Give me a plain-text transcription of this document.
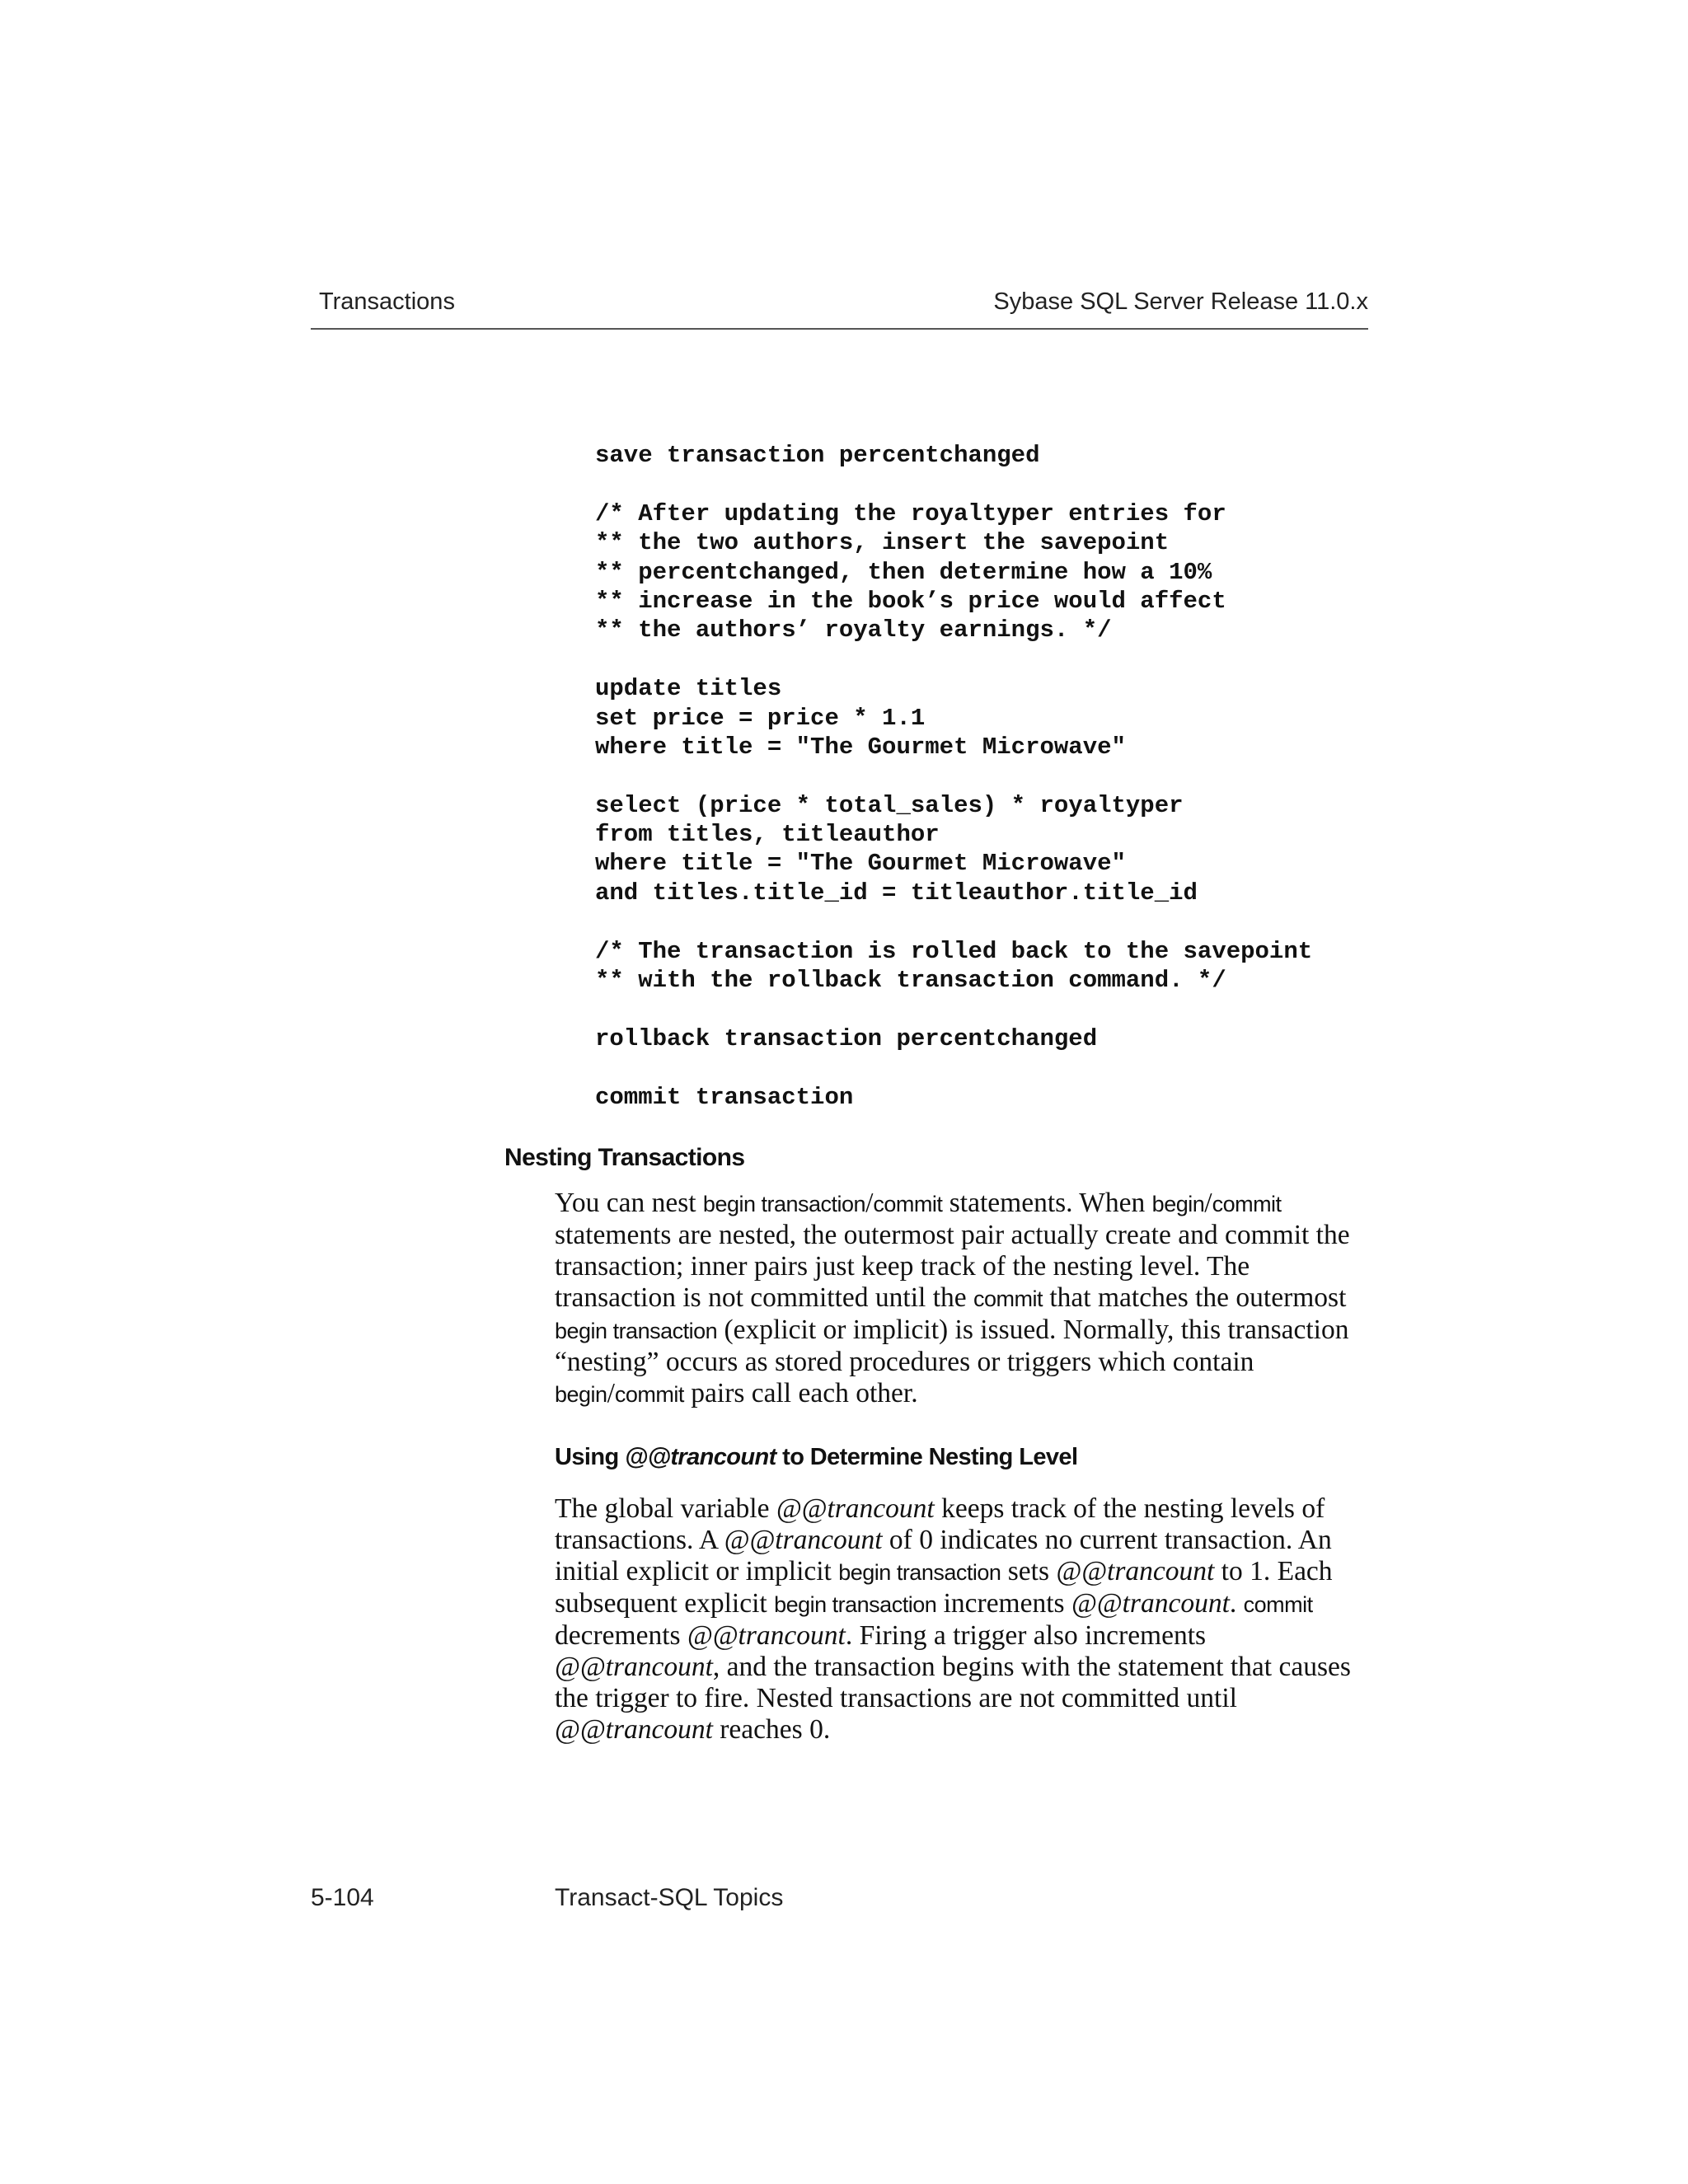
Transactions	Sybase SQL Server Release 11.0.x
save transaction percentchanged
/* After updating the royaltyper entries for
** the two authors, insert the savepoint
** percentchanged, then determine how a 10%
** increase in the book’s price would affect
** the authors’ royalty earnings. */
update titles
set price = price * 1.1
where title = "The Gourmet Microwave"
select (price * total_sales) * royaltyper
from titles, titleauthor
where title = "The Gourmet Microwave"
and titles.title_id = titleauthor.title_id
/* The transaction is rolled back to the savepoint
** with the rollback transaction command. */
rollback transaction percentchanged
commit transaction
Nesting Transactions

You can nest begin transaction/commit statements. When begin/commit statements are nested, the outermost pair actually create and commit the transaction; inner pairs just keep track of the nesting level. The transaction is not committed until the commit that matches the outermost begin transaction (explicit or implicit) is issued. Normally, this transaction “nesting” occurs as stored procedures or triggers which contain begin/commit pairs call each other.

Using @@trancount to Determine Nesting Level

The global variable @@trancount keeps track of the nesting levels of transactions. A @@trancount of 0 indicates no current transaction. An initial explicit or implicit begin transaction sets @@trancount to 1. Each subsequent explicit begin transaction increments @@trancount. commit decrements @@trancount. Firing a trigger also increments @@trancount, and the transaction begins with the statement that causes the trigger to fire. Nested transactions are not committed until @@trancount reaches 0.

5-104	Transact-SQL Topics
